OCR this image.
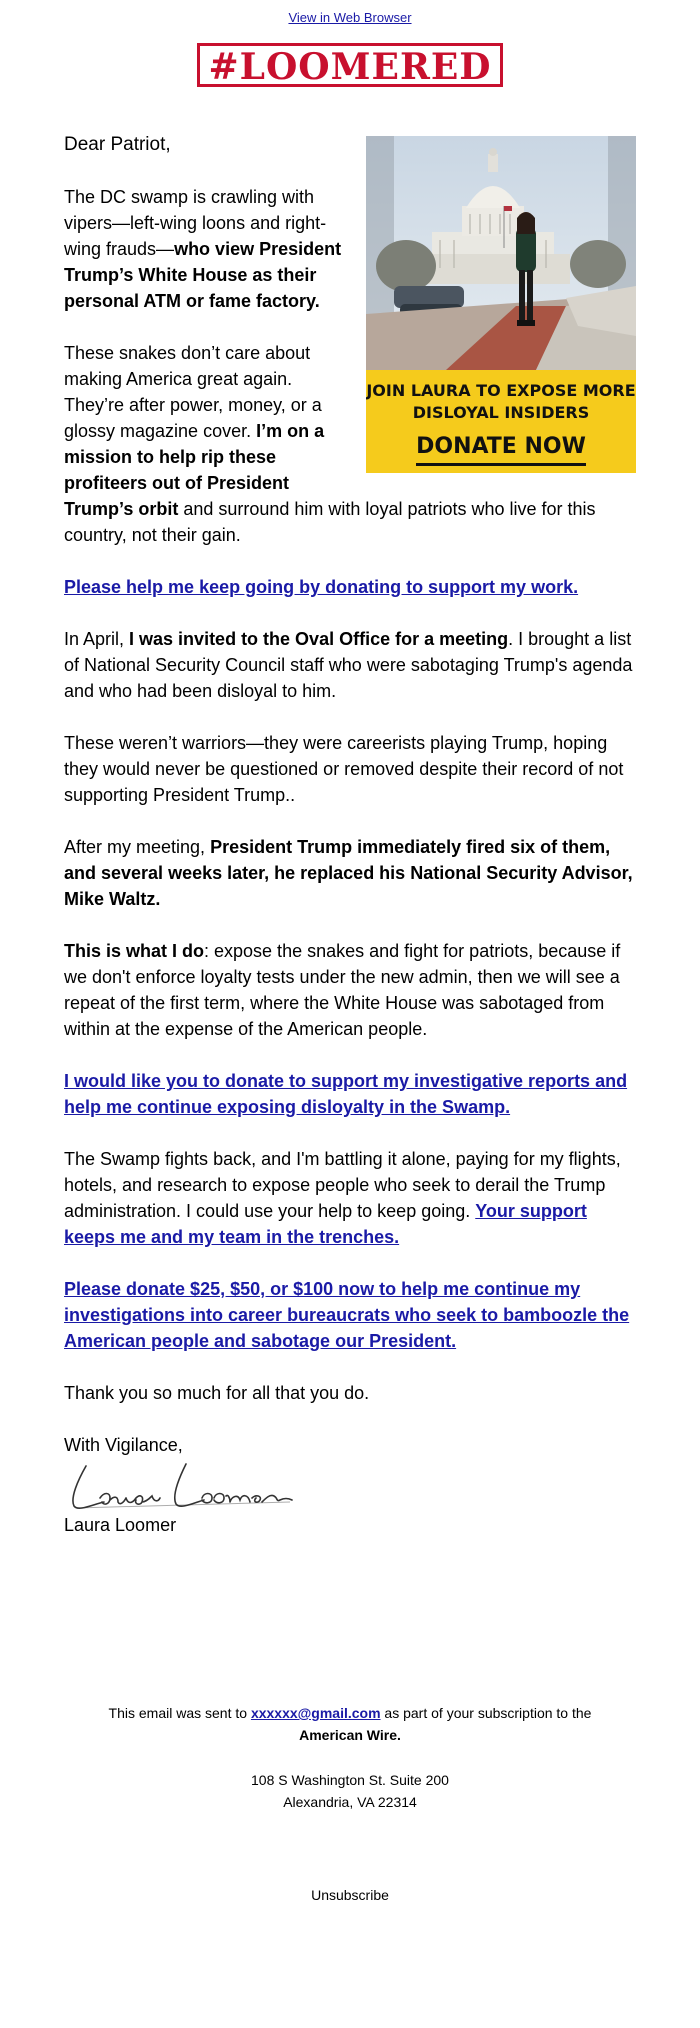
View in Web Browser
#LOOMERED
JOIN LAURA TO EXPOSE MORE
DISLOYAL INSIDERS
DONATE NOW
Dear Patriot,

The DC swamp is crawling with vipers—left-wing loons and right-wing frauds—who view President Trump’s White House as their personal ATM or fame factory.

These snakes don’t care about making America great again. They’re after power, money, or a glossy magazine cover. I’m on a mission to help rip these profiteers out of President Trump’s orbit and surround him with loyal patriots who live for this country, not their gain.

Please help me keep going by donating to support my work.

In April, I was invited to the Oval Office for a meeting. I brought a list of National Security Council staff who were sabotaging Trump's agenda and who had been disloyal to him.

These weren’t warriors—they were careerists playing Trump, hoping they would never be questioned or removed despite their record of not supporting President Trump..

After my meeting, President Trump immediately fired six of them, and several weeks later, he replaced his National Security Advisor, Mike Waltz.

This is what I do: expose the snakes and fight for patriots, because if we don't enforce loyalty tests under the new admin, then we will see a repeat of the first term, where the White House was sabotaged from within at the expense of the American people.

I would like you to donate to support my investigative reports and help me continue exposing disloyalty in the Swamp.

The Swamp fights back, and I'm battling it alone, paying for my flights, hotels, and research to expose people who seek to derail the Trump administration. I could use your help to keep going. Your support keeps me and my team in the trenches.

Please donate $25, $50, or $100 now to help me continue my investigations into career bureaucrats who seek to bamboozle the American people and sabotage our President.

Thank you so much for all that you do.

With Vigilance,
Laura Loomer
This email was sent to xxxxxx@gmail.com as part of your subscription to the
American Wire.
108 S Washington St. Suite 200
Alexandria, VA 22314
Unsubscribe
